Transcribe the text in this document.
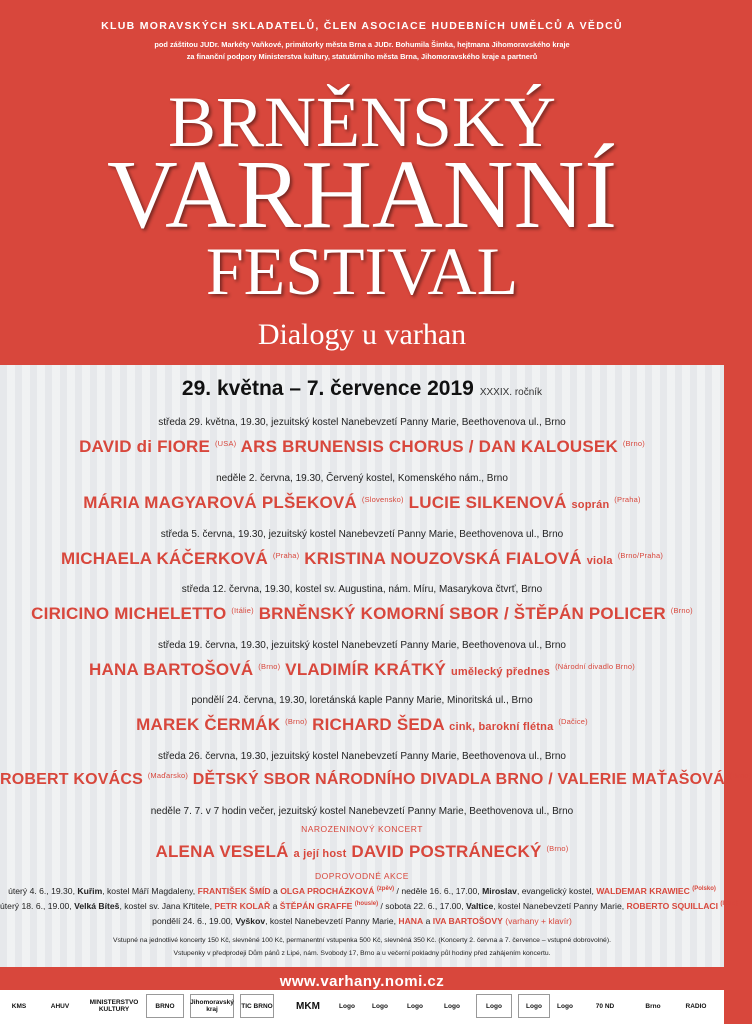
KLUB MORAVSKÝCH SKLADATELŮ, ČLEN ASOCIACE HUDEBNÍCH UMĚLCŮ A VĚDCŮ
pod záštitou JUDr. Markéty Vaňkové, primátorky města Brna a JUDr. Bohumila Šimka, hejtmana Jihomoravského kraje
za finanční podpory Ministerstva kultury, statutárního města Brna, Jihomoravského kraje a partnerů
BRNĚNSKÝ
VARHANNÍ
FESTIVAL
Dialogy u varhan
29. května – 7. července 2019 XXXIX. ročník
středa 29. května, 19.30, jezuitský kostel Nanebevzetí Panny Marie, Beethovenova ul., Brno
DAVID di FIORE $^{(USA)}$ ARS BRUNENSIS CHORUS / DAN KALOUSEK $^{(Brno)}$
neděle 2. června, 19.30, Červený kostel, Komenského nám., Brno
MÁRIA MAGYAROVÁ PLŠEKOVÁ $^{(Slovensko)}$ LUCIE SILKENOVÁ soprán $^{(Praha)}$
středa 5. června, 19.30, jezuitský kostel Nanebevzetí Panny Marie, Beethovenova ul., Brno
MICHAELA KÁČERKOVÁ $^{(Praha)}$ KRISTINA NOUZOVSKÁ FIALOVÁ viola $^{(Brno/Praha)}$
středa 12. června, 19.30, kostel sv. Augustina, nám. Míru, Masarykova čtvrť, Brno
CIRICINO MICHELETTO $^{(Itálie)}$ BRNĚNSKÝ KOMORNÍ SBOR / ŠTĚPÁN POLICER $^{(Brno)}$
středa 19. června, 19.30, jezuitský kostel Nanebevzetí Panny Marie, Beethovenova ul., Brno
HANA BARTOŠOVÁ $^{(Brno)}$ VLADIMÍR KRÁTKÝ umělecký přednes $^{(Národní divadlo Brno)}$
pondělí 24. června, 19.30, loretánská kaple Panny Marie, Minoritská ul., Brno
MAREK ČERMÁK $^{(Brno)}$ RICHARD ŠEDA cink, barokní flétna $^{(Dačice)}$
středa 26. června, 19.30, jezuitský kostel Nanebevzetí Panny Marie, Beethovenova ul., Brno
ROBERT KOVÁCS $^{(Maďarsko)}$ DĚTSKÝ SBOR NÁRODNÍHO DIVADLA BRNO / VALERIE MAŤAŠOVÁ $^{(Brno)}$
neděle 7. 7. v 7 hodin večer, jezuitský kostel Nanebevzetí Panny Marie, Beethovenova ul., Brno
NAROZENINOVÝ KONCERT
ALENA VESELÁ a její host DAVID POSTRÁNECKÝ $^{(Brno)}$
DOPROVODNÉ AKCE
úterý 4. 6., 19.30, Kuřim, kostel Máří Magdaleny, FRANTIŠEK ŠMÍD a OLGA PROCHÁZKOVÁ $^{(zpěv)}$ / neděle 16. 6., 17.00, Miroslav, evangelický kostel, WALDEMAR KRAWIEC $^{(Polsko)}$
úterý 18. 6., 19.00, Velká Bíteš, kostel sv. Jana Křtitele, PETR KOLAŘ a ŠTĚPÁN GRAFFE $^{(housle)}$ / sobota 22. 6., 17.00, Valtice, kostel Nanebevzetí Panny Marie, ROBERTO SQUILLACI $^{(Itálie)}$
pondělí 24. 6., 19.00, Vyškov, kostel Nanebevzetí Panny Marie, HANA a IVA BARTOŠOVY (varhany + klavír)
Vstupné na jednotlivé koncerty 150 Kč, slevněné 100 Kč, permanentní vstupenka 500 Kč, slevněná 350 Kč. (Koncerty 2. června a 7. července – vstupné dobrovolné).
Vstupenky v předprodeji Dům pánů z Lipé, nám. Svobody 17, Brno a u večerní pokladny půl hodiny před zahájením koncertu.
www.varhany.nomi.cz
KMS	AHUV	MINISTERSTVO KULTURY	BRNO	Jihomoravský kraj	TIC BRNO	MKM	Logo	Logo	Logo	Logo	Logo	Logo	Logo	70 ND	Brno	RADIO
